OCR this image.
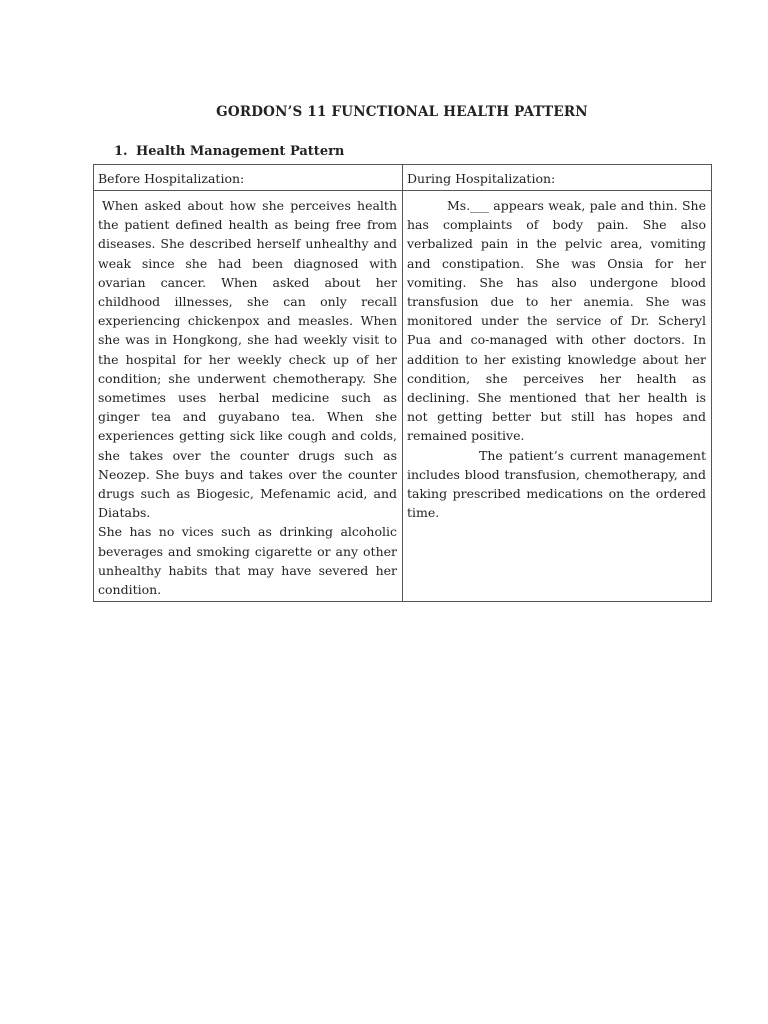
GORDON’S 11 FUNCTIONAL HEALTH PATTERN
1. Health Management Pattern
Before Hospitalization:	During Hospitalization:

When asked about how she perceives health the patient defined health as being free from diseases. She described herself unhealthy and weak since she had been diagnosed with ovarian cancer. When asked about her childhood illnesses, she can only recall experiencing chickenpox and measles. When she was in Hongkong, she had weekly visit to the hospital for her weekly check up of her condition; she underwent chemotherapy. She sometimes uses herbal medicine such as ginger tea and guyabano tea. When she experiences getting sick like cough and colds, she takes over the counter drugs such as Neozep. She buys and takes over the counter drugs such as Biogesic, Mefenamic acid, and Diatabs.

She has no vices such as drinking alcoholic beverages and smoking cigarette or any other unhealthy habits that may have severed her condition.

Ms.___ appears weak, pale and thin. She has complaints of body pain. She also verbalized pain in the pelvic area, vomiting and constipation. She was Onsia for her vomiting. She has also undergone blood transfusion due to her anemia. She was monitored under the service of Dr. Scheryl Pua and co-managed with other doctors. In addition to her existing knowledge about her condition, she perceives her health as declining. She mentioned that her health is not getting better but still has hopes and remained positive.

The patient’s current management includes blood transfusion, chemotherapy, and taking prescribed medications on the ordered time.
